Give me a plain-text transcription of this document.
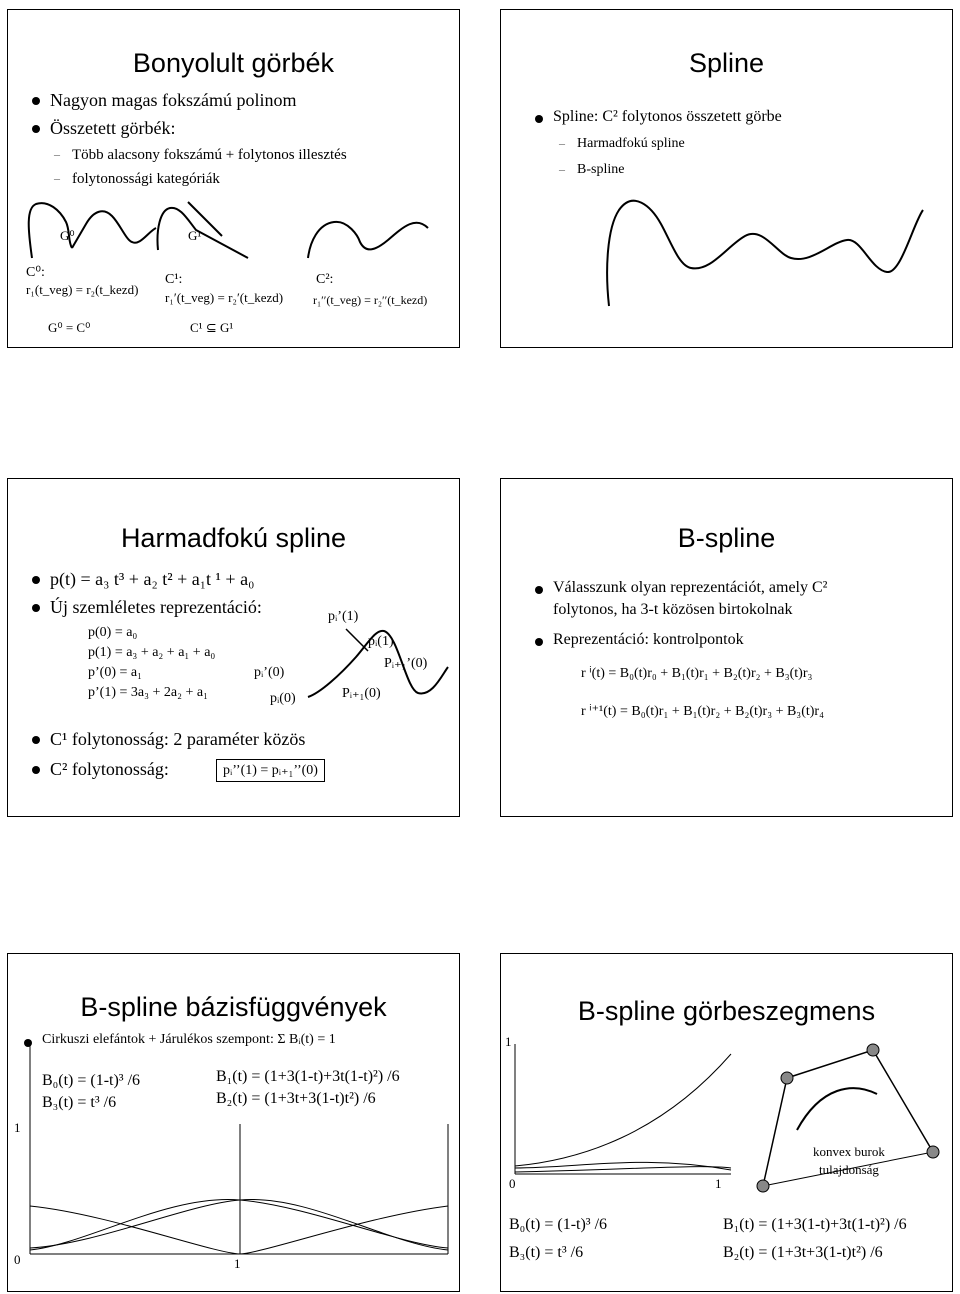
Bonyolult görbék
Nagyon magas fokszámú polinom
Összetett görbék:
– Több alacsony fokszámú + folytonos illesztés
– folytonossági kategóriák
G⁰	G¹
C⁰:
r₁(t_veg) = r₂(t_kezd)
C¹:
r₁′(t_veg) = r₂′(t_kezd)
C²:
r₁′′(t_veg) = r₂′′(t_kezd)
G⁰ = C⁰	C¹ ⊆ G¹
Spline
Spline: C² folytonos összetett görbe
– Harmadfokú spline
– B-spline
Harmadfokú spline
p(t) = a₃ t³ + a₂ t² + a₁t ¹ + a₀
Új szemléletes reprezentáció:
p(0) = a₀
p(1) = a₃ + a₂ + a₁ + a₀
p’(0) = a₁
p’(1) = 3a₃ + 2a₂ + a₁
pᵢ’(1)
pᵢ(1)
Pᵢ₊₁’(0)
pᵢ’(0)
pᵢ(0)	Pᵢ₊₁(0)
C¹ folytonosság: 2 paraméter közös
C² folytonosság:	pᵢ’’(1) = pᵢ₊₁’’(0)
B-spline
Válasszunk olyan reprezentációt, amely C²
folytonos, ha 3-t közösen birtokolnak
Reprezentáció: kontrolpontok
r ⁱ(t) = B₀(t)r₀ + B₁(t)r₁ + B₂(t)r₂ + B₃(t)r₃
r ⁱ⁺¹(t) = B₀(t)r₁ + B₁(t)r₂ + B₂(t)r₃ + B₃(t)r₄
B-spline bázisfüggvények
Cirkuszi elefántok + Járulékos szempont: Σ Bᵢ(t) = 1
B₀(t) = (1-t)³ /6
B₃(t) = t³ /6
B₁(t) = (1+3(1-t)+3t(1-t)²) /6
B₂(t) = (1+3t+3(1-t)t²) /6
1
0	1
B-spline görbeszegmens
1
0	1
konvex burok
tulajdonság
B₀(t) = (1-t)³ /6
B₃(t) = t³ /6
B₁(t) = (1+3(1-t)+3t(1-t)²) /6
B₂(t) = (1+3t+3(1-t)t²) /6
